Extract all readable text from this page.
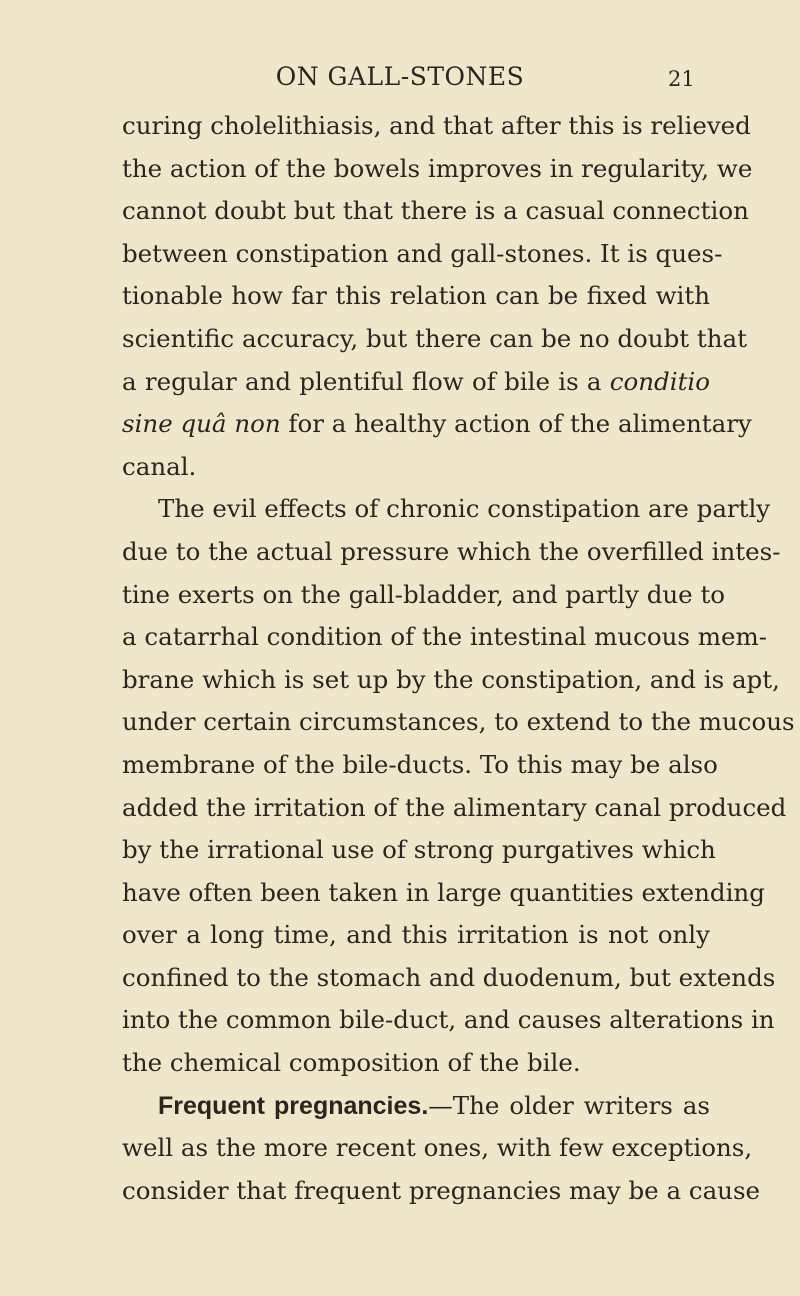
ON GALL-STONES	21
curing cholelithiasis, and that after this is relieved
the action of the bowels improves in regularity, we
cannot doubt but that there is a casual connection
between constipation and gall-stones. It is ques-
tionable how far this relation can be fixed with
scientific accuracy, but there can be no doubt that
a regular and plentiful flow of bile is a conditio
sine quâ non for a healthy action of the alimentary
canal.
The evil effects of chronic constipation are partly
due to the actual pressure which the overfilled intes-
tine exerts on the gall-bladder, and partly due to
a catarrhal condition of the intestinal mucous mem-
brane which is set up by the constipation, and is apt,
under certain circumstances, to extend to the mucous
membrane of the bile-ducts. To this may be also
added the irritation of the alimentary canal produced
by the irrational use of strong purgatives which
have often been taken in large quantities extending
over a long time, and this irritation is not only
confined to the stomach and duodenum, but extends
into the common bile-duct, and causes alterations in
the chemical composition of the bile.
Frequent pregnancies.—The older writers as
well as the more recent ones, with few exceptions,
consider that frequent pregnancies may be a cause
